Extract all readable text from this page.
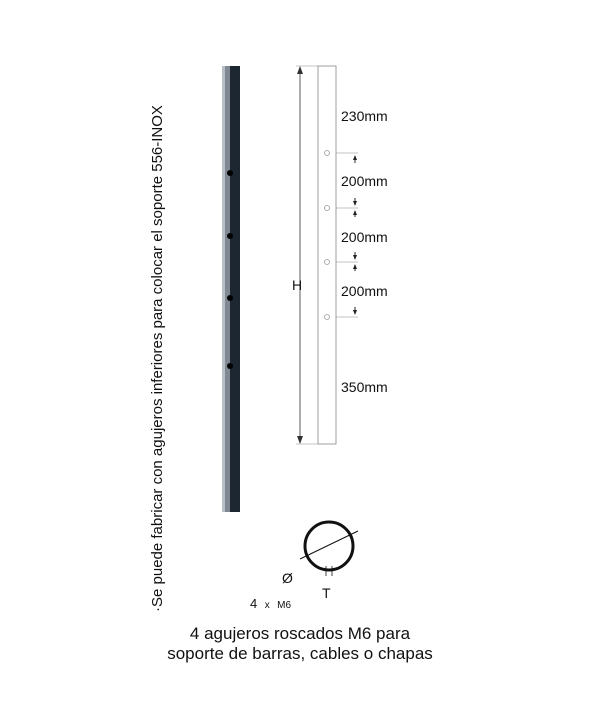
·Se puede fabricar con agujeros inferiores para colocar el soporte 556-INOX	H
230mm
200mm
200mm
200mm
350mm
Ø
T
4 x M6
4 agujeros roscados M6 para
soporte de barras, cables o chapas
